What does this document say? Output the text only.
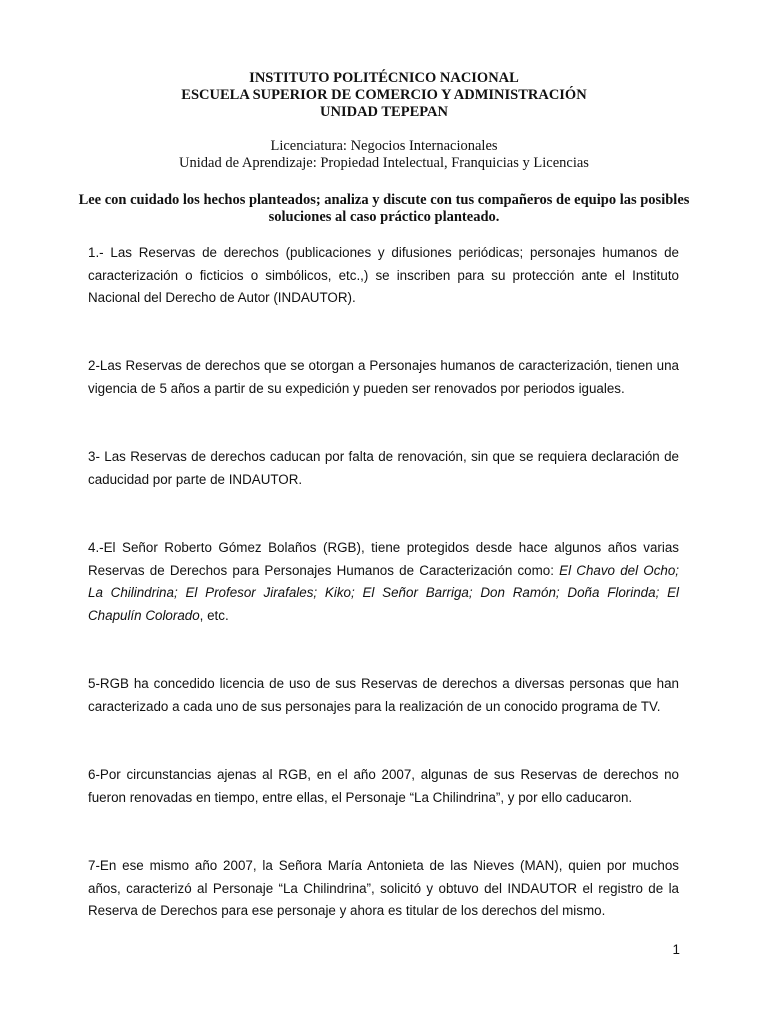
INSTITUTO POLITÉCNICO NACIONAL

ESCUELA SUPERIOR DE COMERCIO Y ADMINISTRACIÓN

UNIDAD TEPEPAN

Licenciatura: Negocios Internacionales

Unidad de Aprendizaje: Propiedad Intelectual, Franquicias y Licencias

Lee con cuidado los hechos planteados; analiza y discute con tus compañeros de equipo las posibles soluciones al caso práctico planteado.

1.- Las Reservas de derechos (publicaciones y difusiones periódicas; personajes humanos de caracterización o ficticios o simbólicos, etc.,) se inscriben para su protección ante el Instituto Nacional del Derecho de Autor (INDAUTOR).

2-Las Reservas de derechos que se otorgan a Personajes humanos de caracterización, tienen una vigencia de 5 años a partir de su expedición y pueden ser renovados por periodos iguales.

3- Las Reservas de derechos caducan por falta de renovación, sin que se requiera declaración de caducidad por parte de INDAUTOR.

4.-El Señor Roberto Gómez Bolaños (RGB), tiene protegidos desde hace algunos años varias Reservas de Derechos para Personajes Humanos de Caracterización como: El Chavo del Ocho; La Chilindrina; El Profesor Jirafales; Kiko; El Señor Barriga; Don Ramón; Doña Florinda; El Chapulín Colorado, etc.

5-RGB ha concedido licencia de uso de sus Reservas de derechos a diversas personas que han caracterizado a cada uno de sus personajes para la realización de un conocido programa de TV.

6-Por circunstancias ajenas al RGB, en el año 2007, algunas de sus Reservas de derechos no fueron renovadas en tiempo, entre ellas, el Personaje “La Chilindrina”, y por ello caducaron.

7-En ese mismo año 2007, la Señora María Antonieta de las Nieves (MAN), quien por muchos años, caracterizó al Personaje “La Chilindrina”, solicitó y obtuvo del INDAUTOR el registro de la Reserva de Derechos para ese personaje y ahora es titular de los derechos del mismo.

1
